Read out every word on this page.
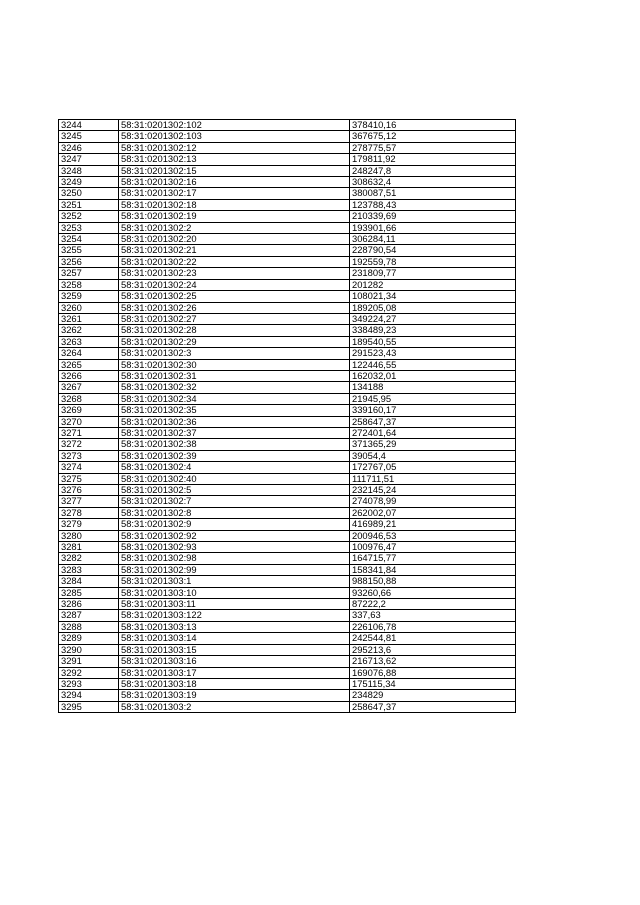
3244	58:31:0201302:102	378410,16
3245	58:31:0201302:103	367675,12
3246	58:31:0201302:12	278775,57
3247	58:31:0201302:13	179811,92
3248	58:31:0201302:15	248247,8
3249	58:31:0201302:16	308632,4
3250	58:31:0201302:17	380087,51
3251	58:31:0201302:18	123788,43
3252	58:31:0201302:19	210339,69
3253	58:31:0201302:2	193901,66
3254	58:31:0201302:20	306284,11
3255	58:31:0201302:21	228790,54
3256	58:31:0201302:22	192559,78
3257	58:31:0201302:23	231809,77
3258	58:31:0201302:24	201282
3259	58:31:0201302:25	108021,34
3260	58:31:0201302:26	189205,08
3261	58:31:0201302:27	349224,27
3262	58:31:0201302:28	338489,23
3263	58:31:0201302:29	189540,55
3264	58:31:0201302:3	291523,43
3265	58:31:0201302:30	122446,55
3266	58:31:0201302:31	162032,01
3267	58:31:0201302:32	134188
3268	58:31:0201302:34	21945,95
3269	58:31:0201302:35	339160,17
3270	58:31:0201302:36	258647,37
3271	58:31:0201302:37	272401,64
3272	58:31:0201302:38	371365,29
3273	58:31:0201302:39	39054,4
3274	58:31:0201302:4	172767,05
3275	58:31:0201302:40	111711,51
3276	58:31:0201302:5	232145,24
3277	58:31:0201302:7	274078,99
3278	58:31:0201302:8	262002,07
3279	58:31:0201302:9	416989,21
3280	58:31:0201302:92	200946,53
3281	58:31:0201302:93	100976,47
3282	58:31:0201302:98	164715,77
3283	58:31:0201302:99	158341,84
3284	58:31:0201303:1	988150,88
3285	58:31:0201303:10	93260,66
3286	58:31:0201303:11	87222,2
3287	58:31:0201303:122	337,63
3288	58:31:0201303:13	226106,78
3289	58:31:0201303:14	242544,81
3290	58:31:0201303:15	295213,6
3291	58:31:0201303:16	216713,62
3292	58:31:0201303:17	169076,88
3293	58:31:0201303:18	175115,34
3294	58:31:0201303:19	234829
3295	58:31:0201303:2	258647,37
